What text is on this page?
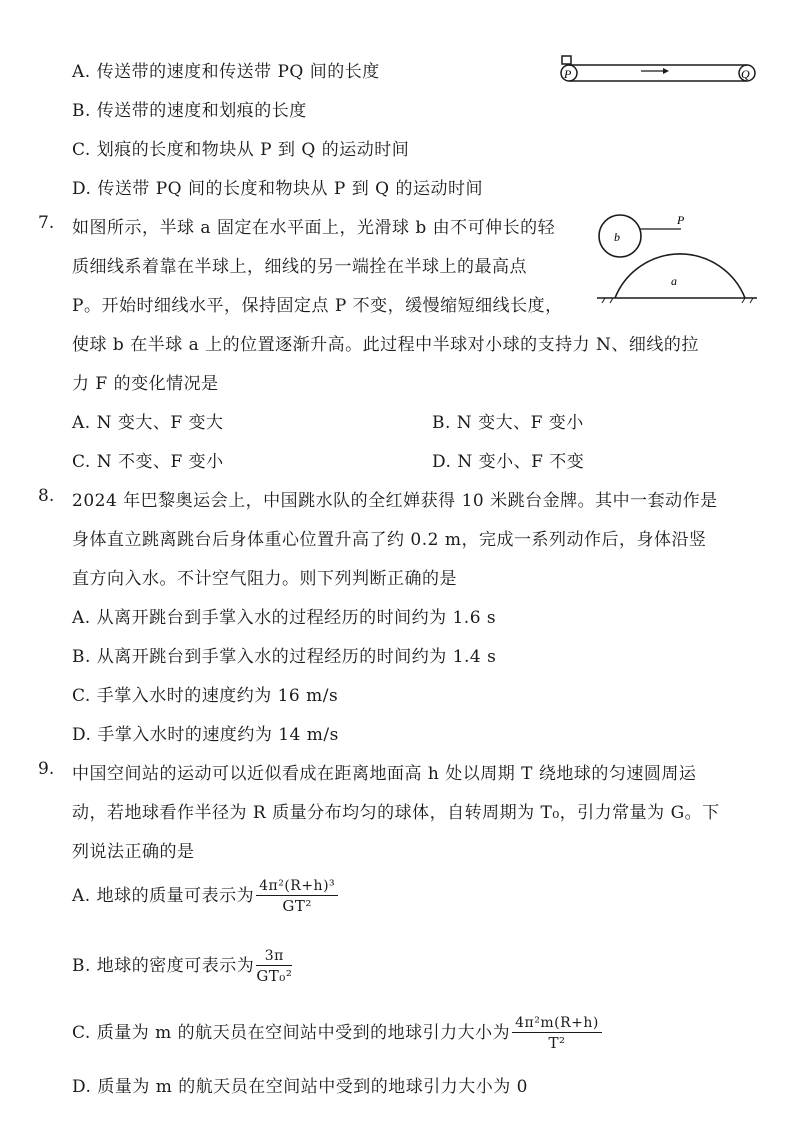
A. 传送带的速度和传送带 PQ 间的长度
B. 传送带的速度和划痕的长度
C. 划痕的长度和物块从 P 到 Q 的运动时间
D. 传送带 PQ 间的长度和物块从 P 到 Q 的运动时间
P	Q
7. 如图所示，半球 a 固定在水平面上，光滑球 b 由不可伸长的轻
质细线系着靠在半球上，细线的另一端拴在半球上的最高点
P。开始时细线水平，保持固定点 P 不变，缓慢缩短细线长度，
使球 b 在半球 a 上的位置逐渐升高。此过程中半球对小球的支持力 N、细线的拉
力 F 的变化情况是
A. N 变大、F 变大	B. N 变大、F 变小
C. N 不变、F 变小	D. N 变小、F 不变
b
P
a
8. 2024 年巴黎奥运会上，中国跳水队的全红婵获得 10 米跳台金牌。其中一套动作是
身体直立跳离跳台后身体重心位置升高了约 0.2 m，完成一系列动作后，身体沿竖
直方向入水。不计空气阻力。则下列判断正确的是
A. 从离开跳台到手掌入水的过程经历的时间约为 1.6 s
B. 从离开跳台到手掌入水的过程经历的时间约为 1.4 s
C. 手掌入水时的速度约为 16 m/s
D. 手掌入水时的速度约为 14 m/s
9. 中国空间站的运动可以近似看成在距离地面高 h 处以周期 T 绕地球的匀速圆周运
动，若地球看作半径为 R 质量分布均匀的球体，自转周期为 T₀，引力常量为 G。下
列说法正确的是
A. 地球的质量可表示为 $\frac{\text{4π²(R+h)³}}{\text{GT²}}$
B. 地球的密度可表示为 $\frac{3\pi}{\text{GT₀²}}$
C. 质量为 m 的航天员在空间站中受到的地球引力大小为 $\frac{\text{4π²m(R+h)}}{\text{T²}}$
D. 质量为 m 的航天员在空间站中受到的地球引力大小为 0
